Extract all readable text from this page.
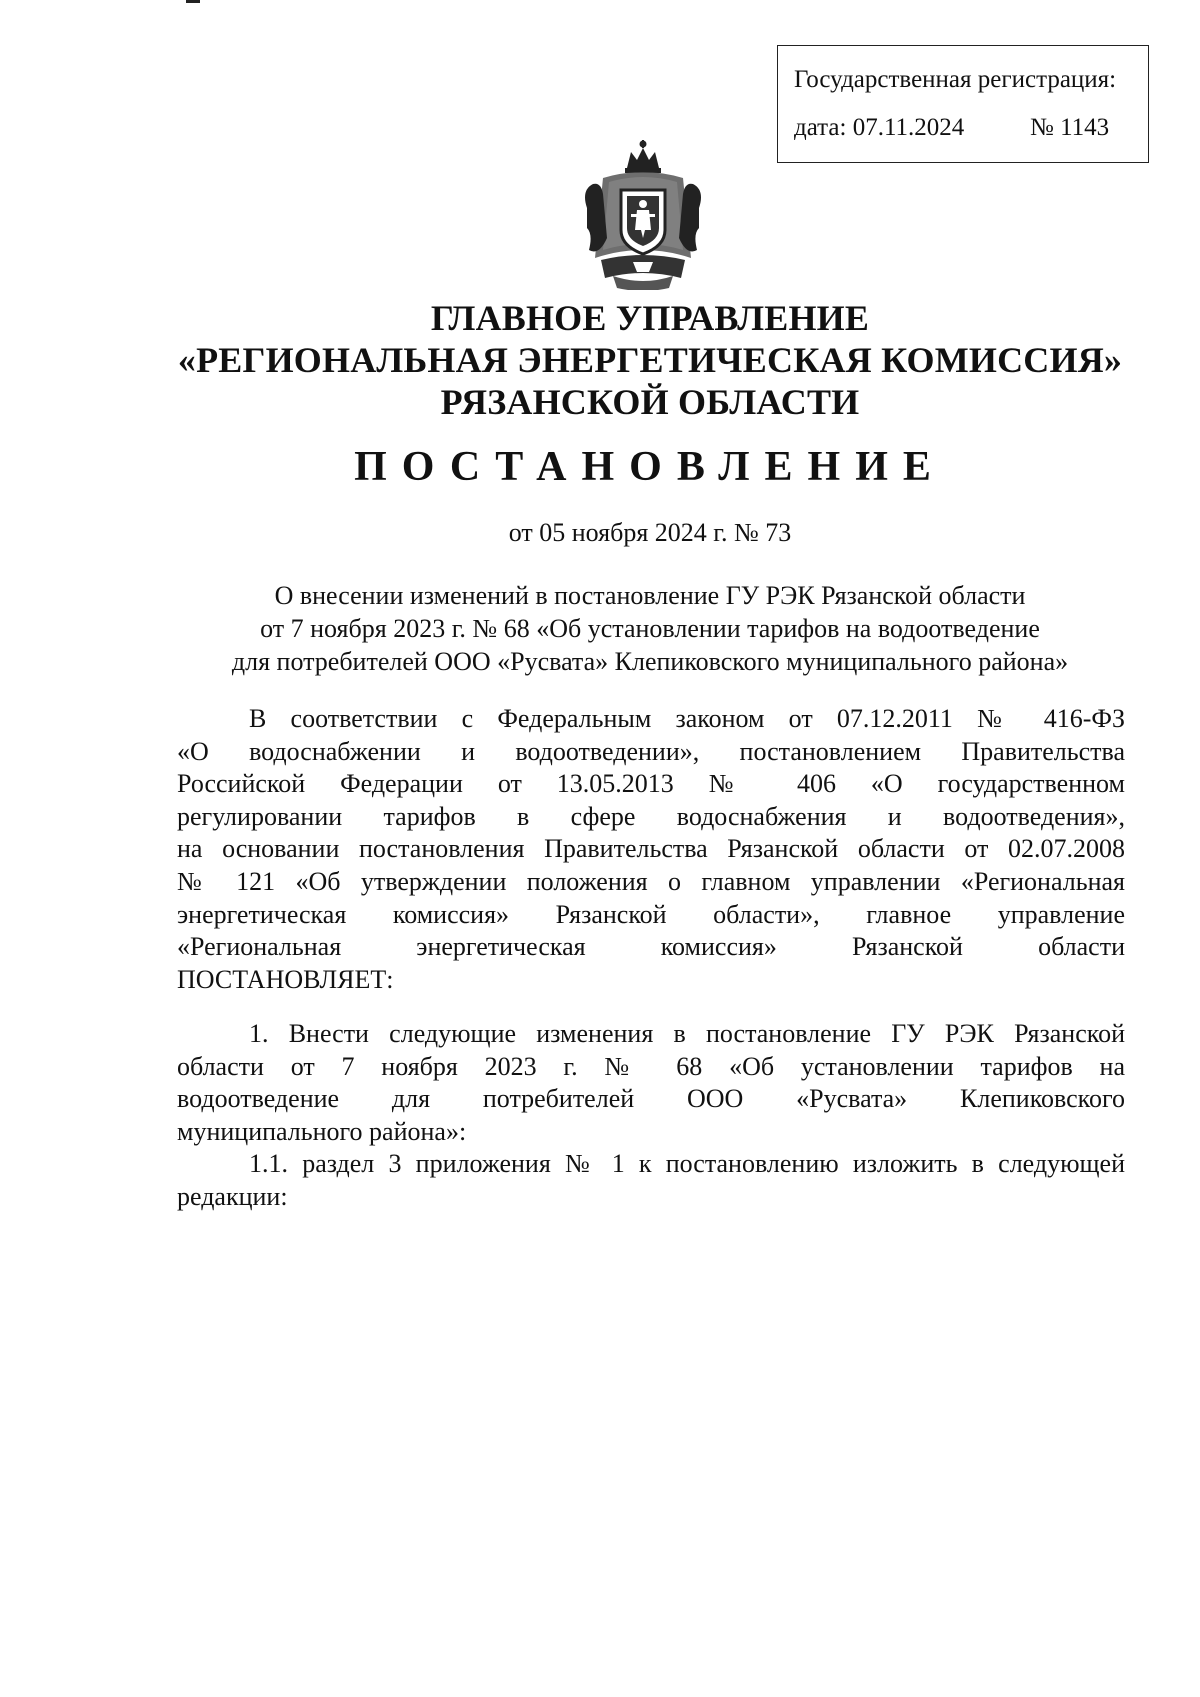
Государственная регистрация:
дата: 07.11.2024	№ 1143
ГЛАВНОЕ УПРАВЛЕНИЕ
«РЕГИОНАЛЬНАЯ ЭНЕРГЕТИЧЕСКАЯ КОМИССИЯ»
РЯЗАНСКОЙ ОБЛАСТИ
ПОСТАНОВЛЕНИЕ
от 05 ноября 2024 г. № 73
О внесении изменений в постановление ГУ РЭК Рязанской области
от 7 ноября 2023 г. № 68 «Об установлении тарифов на водоотведение
для потребителей ООО «Русвата» Клепиковского муниципального района»
В соответствии с Федеральным законом от 07.12.2011 № 416-ФЗ
«О водоснабжении и водоотведении», постановлением Правительства
Российской Федерации от 13.05.2013 № 406 «О государственном
регулировании тарифов в сфере водоснабжения и водоотведения»,
на основании постановления Правительства Рязанской области от 02.07.2008
№ 121 «Об утверждении положения о главном управлении «Региональная
энергетическая комиссия» Рязанской области», главное управление
«Региональная энергетическая комиссия» Рязанской области
ПОСТАНОВЛЯЕТ:
1. Внести следующие изменения в постановление ГУ РЭК Рязанской
области от 7 ноября 2023 г. № 68 «Об установлении тарифов на
водоотведение для потребителей ООО «Русвата» Клепиковского
муниципального района»:
1.1. раздел 3 приложения № 1 к постановлению изложить в следующей
редакции:
